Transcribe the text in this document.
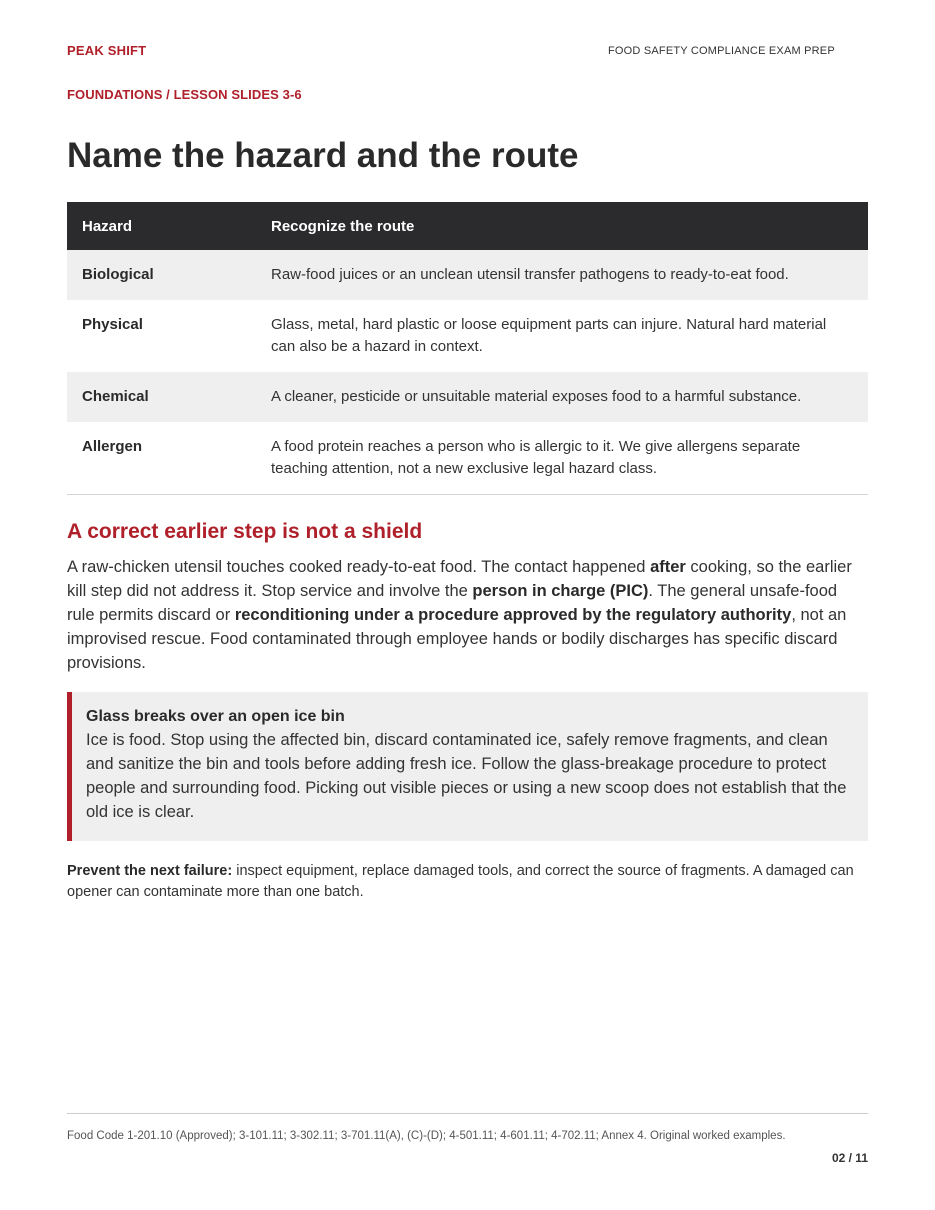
PEAK SHIFT	FOOD SAFETY COMPLIANCE EXAM PREP
FOUNDATIONS / LESSON SLIDES 3-6
Name the hazard and the route
Hazard	Recognize the route
Biological	Raw-food juices or an unclean utensil transfer pathogens to ready-to-eat food.
Physical	Glass, metal, hard plastic or loose equipment parts can injure. Natural hard material can also be a hazard in context.
Chemical	A cleaner, pesticide or unsuitable material exposes food to a harmful substance.
Allergen	A food protein reaches a person who is allergic to it. We give allergens separate teaching attention, not a new exclusive legal hazard class.
A correct earlier step is not a shield

A raw-chicken utensil touches cooked ready-to-eat food. The contact happened after cooking, so the earlier kill step did not address it. Stop service and involve the person in charge (PIC). The general unsafe-food rule permits discard or reconditioning under a procedure approved by the regulatory authority, not an improvised rescue. Food contaminated through employee hands or bodily discharges has specific discard provisions.

Glass breaks over an open ice bin
Ice is food. Stop using the affected bin, discard contaminated ice, safely remove fragments, and clean and sanitize the bin and tools before adding fresh ice. Follow the glass-breakage procedure to protect people and surrounding food. Picking out visible pieces or using a new scoop does not establish that the old ice is clear.

Prevent the next failure: inspect equipment, replace damaged tools, and correct the source of fragments. A damaged can opener can contaminate more than one batch.

Food Code 1-201.10 (Approved); 3-101.11; 3-302.11; 3-701.11(A), (C)-(D); 4-501.11; 4-601.11; 4-702.11; Annex 4. Original worked examples.
02 / 11
